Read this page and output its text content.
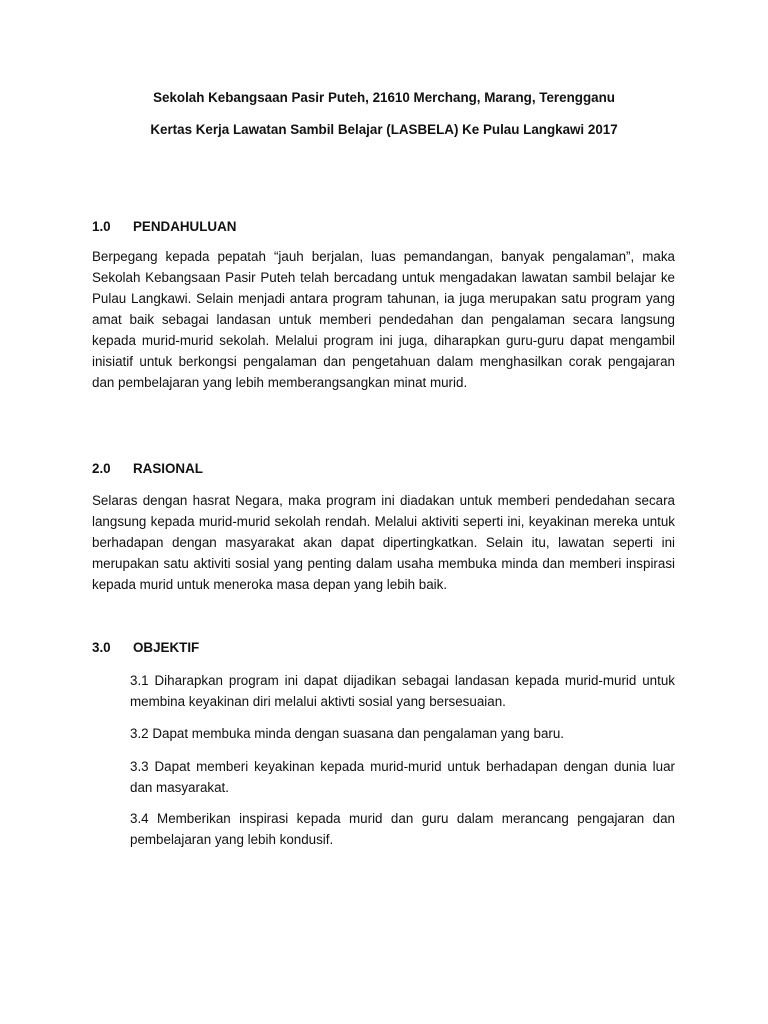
Sekolah Kebangsaan Pasir Puteh, 21610 Merchang, Marang, Terengganu

Kertas Kerja Lawatan Sambil Belajar (LASBELA) Ke Pulau Langkawi 2017

1.0	PENDAHULUAN

Berpegang kepada pepatah “jauh berjalan, luas pemandangan, banyak pengalaman”, maka Sekolah Kebangsaan Pasir Puteh telah bercadang untuk mengadakan lawatan sambil belajar ke Pulau Langkawi. Selain menjadi antara program tahunan, ia juga merupakan satu program yang amat baik sebagai landasan untuk memberi pendedahan dan pengalaman secara langsung kepada murid-murid sekolah. Melalui program ini juga, diharapkan guru-guru dapat mengambil inisiatif untuk berkongsi pengalaman dan pengetahuan dalam menghasilkan corak pengajaran dan pembelajaran yang lebih memberangsangkan minat murid.

2.0	RASIONAL

Selaras dengan hasrat Negara, maka program ini diadakan untuk memberi pendedahan secara langsung kepada murid-murid sekolah rendah. Melalui aktiviti seperti ini, keyakinan mereka untuk berhadapan dengan masyarakat akan dapat dipertingkatkan. Selain itu, lawatan seperti ini merupakan satu aktiviti sosial yang penting dalam usaha membuka minda dan memberi inspirasi kepada murid untuk meneroka masa depan yang lebih baik.

3.0	OBJEKTIF

3.1 Diharapkan program ini dapat dijadikan sebagai landasan kepada murid-murid untuk membina keyakinan diri melalui aktivti sosial yang bersesuaian.

3.2 Dapat membuka minda dengan suasana dan pengalaman yang baru.

3.3 Dapat memberi keyakinan kepada murid-murid untuk berhadapan dengan dunia luar dan masyarakat.

3.4 Memberikan inspirasi kepada murid dan guru dalam merancang pengajaran dan pembelajaran yang lebih kondusif.
